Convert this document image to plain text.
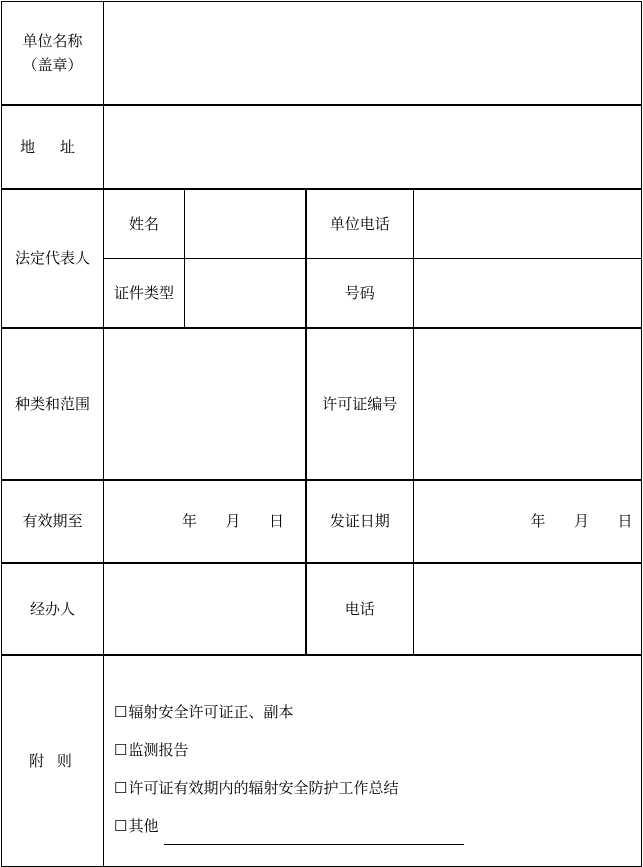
单位名称
（盖章）				

地 址				
法定代表人	姓名		单位电话	
	证件类型		号码	
种类和范围			许可证编号	
有效期至	年 月 日		发证日期	年 月 日
经办人			电话	
附 则	☐辐射安全许可证正、副本
☐监测报告
☐许可证有效期内的辐射安全防护工作总结
☐其他			
